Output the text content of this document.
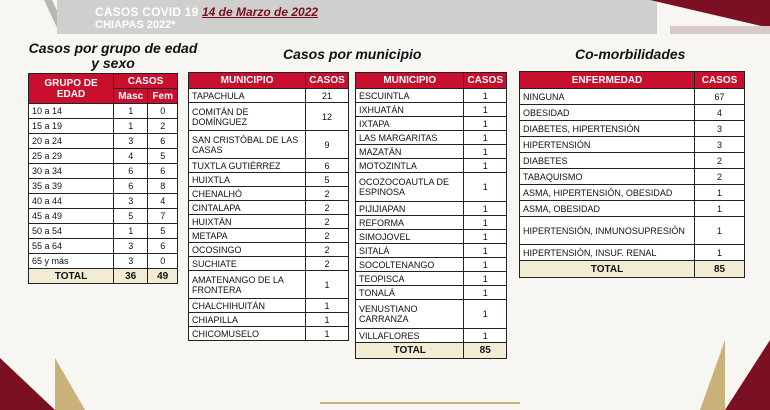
CASOS COVID 19 14 de Marzo de 2022
CHIAPAS 2022*
Casos por grupo de edad y sexo
Casos por municipio	Co-morbilidades
GRUPO DE EDAD	CASOS	
	Masc	Fem
10 a 14	1	0
15 a 19	1	2
20 a 24	3	6
25 a 29	4	5
30 a 34	6	6
35 a 39	6	8
40 a 44	3	4
45 a 49	5	7
50 a 54	1	5
55 a 64	3	6
65 y más	3	0
TOTAL	36	49
MUNICIPIO	CASOS
TAPACHULA	21
COMITÁN DE DOMÍNGUEZ	12
SAN CRISTÓBAL DE LAS CASAS	9
TUXTLA GUTIÉRREZ	6
HUIXTLA	5
CHENALHÓ	2
CINTALAPA	2
HUIXTÁN	2
METAPA	2
OCOSINGO	2
SUCHIATE	2
AMATENANGO DE LA FRONTERA	1
CHALCHIHUITÁN	1
CHIAPILLA	1
CHICOMUSELO	1
MUNICIPIO	CASOS
ESCUINTLA	1
IXHUATÁN	1
IXTAPA	1
LAS MARGARITAS	1
MAZATÁN	1
MOTOZINTLA	1
OCOZOCOAUTLA DE ESPINOSA	1
PIJIJIAPAN	1
REFORMA	1
SIMOJOVEL	1
SITALÁ	1
SOCOLTENANGO	1
TEOPISCA	1
TONALÁ	1
VENUSTIANO CARRANZA	1
VILLAFLORES	1
TOTAL	85
ENFERMEDAD	CASOS
NINGUNA	67
OBESIDAD	4
DIABETES, HIPERTENSIÓN	3
HIPERTENSIÓN	3
DIABETES	2
TABAQUISMO	2
ASMA, HIPERTENSIÓN, OBESIDAD	1
ASMA, OBESIDAD	1
HIPERTENSIÓN, INMUNOSUPRESIÓN	1
HIPERTENSIÓN, INSUF. RENAL	1
TOTAL	85
